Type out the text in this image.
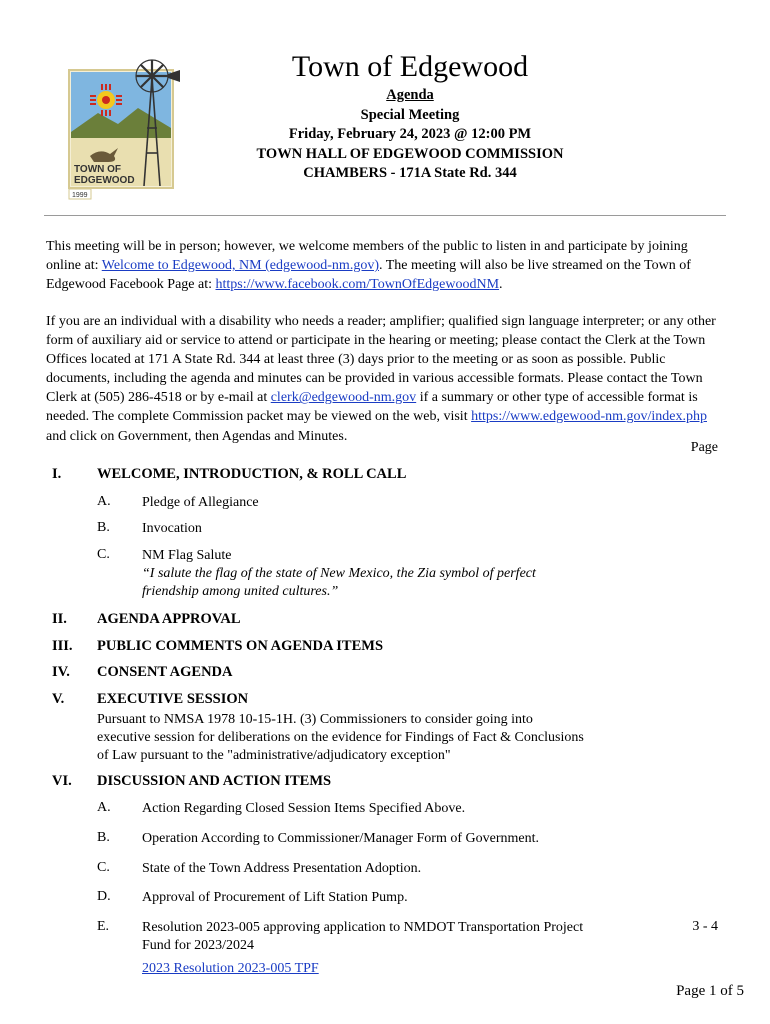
TOWN OF
EDGEWOOD
1999
Town of Edgewood
Agenda
Special Meeting
Friday, February 24, 2023 @ 12:00 PM
TOWN HALL OF EDGEWOOD COMMISSION
CHAMBERS - 171A State Rd. 344
This meeting will be in person; however, we welcome members of the public to listen in and participate by joining online at: Welcome to Edgewood, NM (edgewood-nm.gov). The meeting will also be live streamed on the Town of Edgewood Facebook Page at: https://www.facebook.com/TownOfEdgewoodNM.
If you are an individual with a disability who needs a reader; amplifier; qualified sign language interpreter; or any other form of auxiliary aid or service to attend or participate in the hearing or meeting; please contact the Clerk at the Town Offices located at 171 A State Rd. 344 at least three (3) days prior to the meeting or as soon as possible. Public documents, including the agenda and minutes can be provided in various accessible formats. Please contact the Town Clerk at (505) 286-4518 or by e-mail at clerk@edgewood-nm.gov if a summary or other type of accessible format is needed. The complete Commission packet may be viewed on the web, visit https://www.edgewood-nm.gov/index.php and click on Government, then Agendas and Minutes.
Page
I. WELCOME, INTRODUCTION, & ROLL CALL
A. Pledge of Allegiance
B. Invocation
C. NM Flag Salute
“I salute the flag of the state of New Mexico, the Zia symbol of perfect
friendship among united cultures.”
II. AGENDA APPROVAL
III. PUBLIC COMMENTS ON AGENDA ITEMS
IV. CONSENT AGENDA
V. EXECUTIVE SESSION
Pursuant to NMSA 1978 10-15-1H. (3) Commissioners to consider going into
executive session for deliberations on the evidence for Findings of Fact & Conclusions
of Law pursuant to the "administrative/adjudicatory exception"
VI. DISCUSSION AND ACTION ITEMS
A. Action Regarding Closed Session Items Specified Above.
B. Operation According to Commissioner/Manager Form of Government.
C. State of the Town Address Presentation Adoption.
D. Approval of Procurement of Lift Station Pump.
E. Resolution 2023-005 approving application to NMDOT Transportation Project
Fund for 2023/2024
2023 Resolution 2023-005 TPF
3 - 4
Page 1 of 5
